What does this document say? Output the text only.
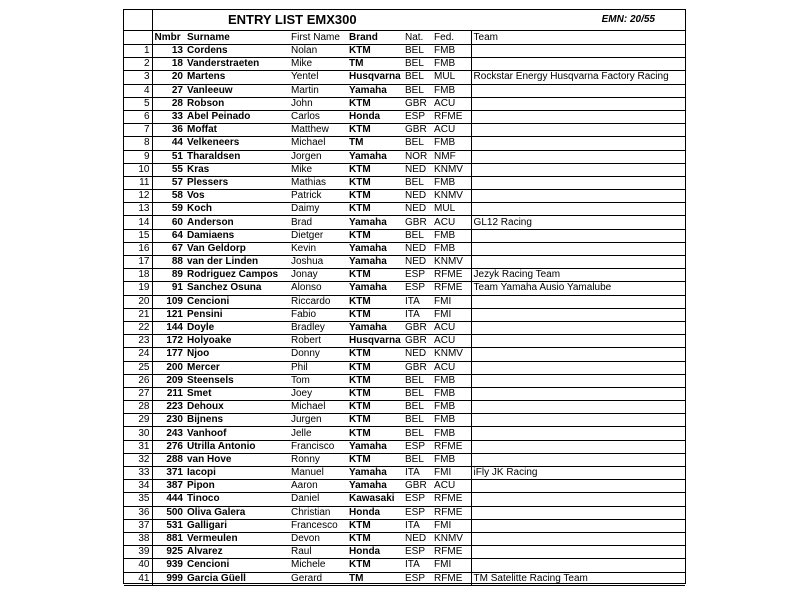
	ENTRY LIST EMX300					EMN: 20/55	
	Nmbr	Surname	First Name	Brand	Nat.	Fed.	Team
1	13	Cordens	Nolan	KTM	BEL	FMB	
2	18	Vanderstraeten	Mike	TM	BEL	FMB	
3	20	Martens	Yentel	Husqvarna	BEL	MUL	Rockstar Energy Husqvarna Factory Racing
4	27	Vanleeuw	Martin	Yamaha	BEL	FMB	
5	28	Robson	John	KTM	GBR	ACU	
6	33	Abel Peinado	Carlos	Honda	ESP	RFME	
7	36	Moffat	Matthew	KTM	GBR	ACU	
8	44	Velkeneers	Michael	TM	BEL	FMB	
9	51	Tharaldsen	Jorgen	Yamaha	NOR	NMF	
10	55	Kras	Mike	KTM	NED	KNMV	
11	57	Plessers	Mathias	KTM	BEL	FMB	
12	58	Vos	Patrick	KTM	NED	KNMV	
13	59	Koch	Daimy	KTM	NED	MUL	
14	60	Anderson	Brad	Yamaha	GBR	ACU	GL12 Racing
15	64	Damiaens	Dietger	KTM	BEL	FMB	
16	67	Van Geldorp	Kevin	Yamaha	NED	FMB	
17	88	van der Linden	Joshua	Yamaha	NED	KNMV	
18	89	Rodriguez Campos	Jonay	KTM	ESP	RFME	Jezyk Racing Team
19	91	Sanchez Osuna	Alonso	Yamaha	ESP	RFME	Team Yamaha Ausio Yamalube
20	109	Cencioni	Riccardo	KTM	ITA	FMI	
21	121	Pensini	Fabio	KTM	ITA	FMI	
22	144	Doyle	Bradley	Yamaha	GBR	ACU	
23	172	Holyoake	Robert	Husqvarna	GBR	ACU	
24	177	Njoo	Donny	KTM	NED	KNMV	
25	200	Mercer	Phil	KTM	GBR	ACU	
26	209	Steensels	Tom	KTM	BEL	FMB	
27	211	Smet	Joey	KTM	BEL	FMB	
28	223	Dehoux	Michael	KTM	BEL	FMB	
29	230	Bijnens	Jurgen	KTM	BEL	FMB	
30	243	Vanhoof	Jelle	KTM	BEL	FMB	
31	276	Utrilla Antonio	Francisco	Yamaha	ESP	RFME	
32	288	van Hove	Ronny	KTM	BEL	FMB	
33	371	Iacopi	Manuel	Yamaha	ITA	FMI	iFly JK Racing
34	387	Pipon	Aaron	Yamaha	GBR	ACU	
35	444	Tinoco	Daniel	Kawasaki	ESP	RFME	
36	500	Oliva Galera	Christian	Honda	ESP	RFME	
37	531	Galligari	Francesco	KTM	ITA	FMI	
38	881	Vermeulen	Devon	KTM	NED	KNMV	
39	925	Alvarez	Raul	Honda	ESP	RFME	
40	939	Cencioni	Michele	KTM	ITA	FMI	
41	999	Garcia Güell	Gerard	TM	ESP	RFME	TM Satelitte Racing Team
